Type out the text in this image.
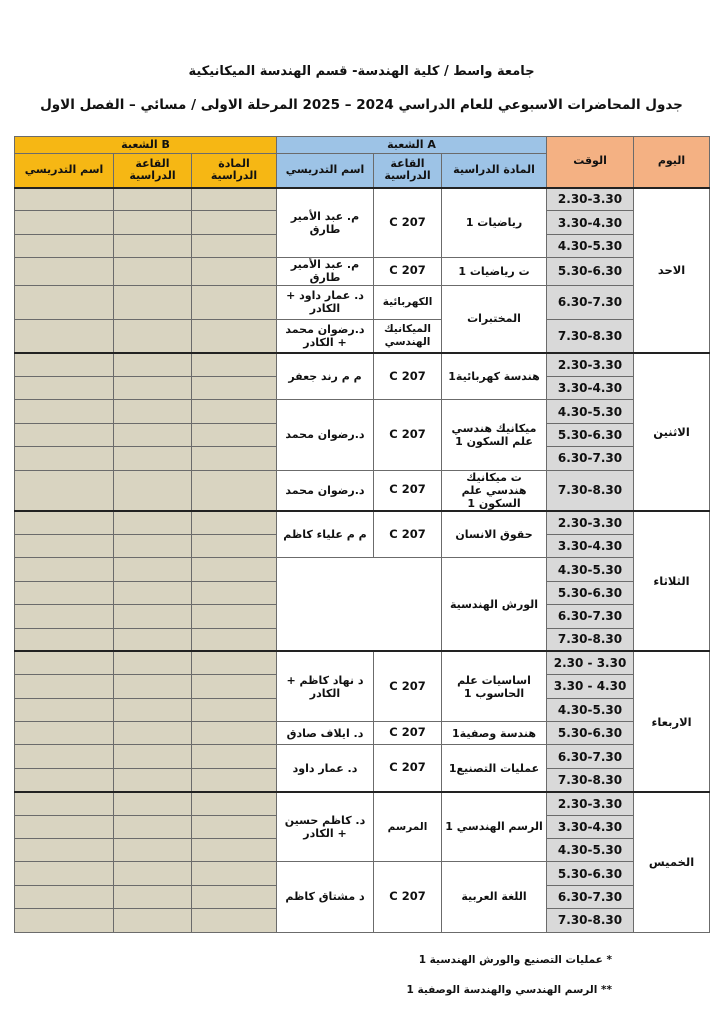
جامعة واسط / كلية الهندسة- قسم الهندسة الميكانيكية
جدول المحاضرات الاسبوعي للعام الدراسي 2024 – 2025 المرحلة الاولى / مسائي – الفصل الاول
الشعبة B			الشعبة A			الوقت	اليوم
اسم التدريسي	القاعة الدراسية	المادة الدراسية	اسم التدريسي	القاعة الدراسية	المادة الدراسية		
			م. عبد الأمير طارق	C 207	رياضيات 1	2.30-3.30	الاحد
						3.30-4.30	
						4.30-5.30	
			م. عبد الأمير طارق	C 207	ت رياضيات 1	5.30-6.30	
			د. عمار داود + الكادر	الكهربائية	المختبرات	6.30-7.30	
			د.رضوان محمد + الكادر	الميكانيك الهندسي		7.30-8.30	
			م م رند جعفر	C 207	هندسة كهربائية1	2.30-3.30	الاثنين
						3.30-4.30	
			د.رضوان محمد	C 207	ميكانيك هندسي علم السكون 1	4.30-5.30	
						5.30-6.30	
						6.30-7.30	
			د.رضوان محمد	C 207	ت ميكانيك هندسي علم السكون 1	7.30-8.30	
			م م علياء كاظم	C 207	حقوق الانسان	2.30-3.30	الثلاثاء
						3.30-4.30	
					الورش الهندسية	4.30-5.30	
						5.30-6.30	
						6.30-7.30	
						7.30-8.30	
			د نهاد كاظم + الكادر	C 207	اساسيات علم الحاسوب 1	2.30 - 3.30	الاربعاء
						3.30 - 4.30	
						4.30-5.30	
			د. ايلاف صادق	C 207	هندسة وصفية1	5.30-6.30	
			د. عمار داود	C 207	عمليات التصنيع1	6.30-7.30	
						7.30-8.30	
			د. كاظم حسين + الكادر	المرسم	الرسم الهندسي 1	2.30-3.30	الخميس
						3.30-4.30	
						4.30-5.30	
			د مشتاق كاظم	C 207	اللغة العربية	5.30-6.30	
						6.30-7.30	
						7.30-8.30	
* عمليات التصنيع والورش الهندسية 1
** الرسم الهندسي والهندسة الوصفية 1
